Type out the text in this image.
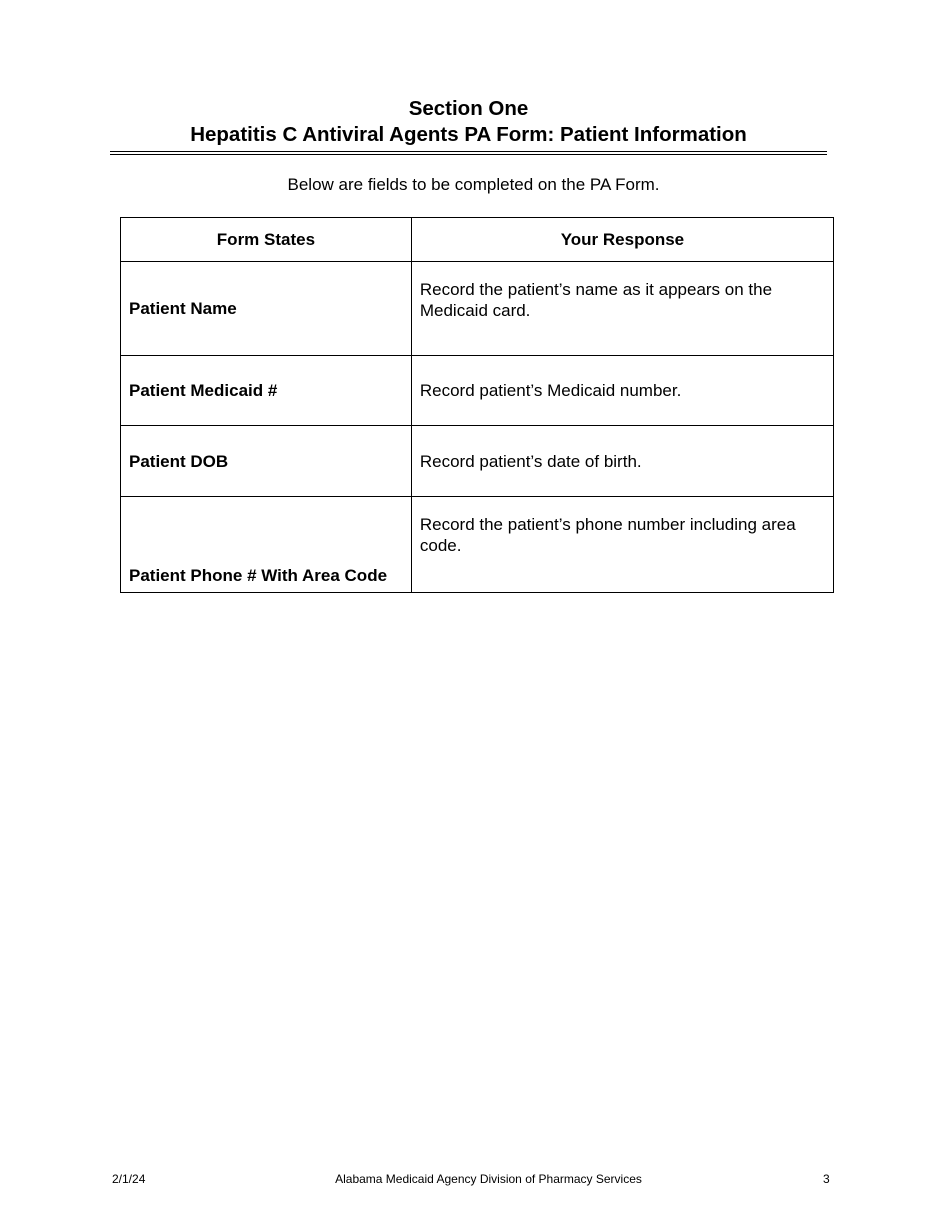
Section One
Hepatitis C Antiviral Agents PA Form: Patient Information
Below are fields to be completed on the PA Form.
Form States	Your Response
Patient Name	Record the patient’s name as it appears on the Medicaid card.
Patient Medicaid #	Record patient’s Medicaid number.
Patient DOB	Record patient’s date of birth.
Patient Phone # With Area Code	Record the patient’s phone number including area code.
2/1/24	Alabama Medicaid Agency Division of Pharmacy Services	3
